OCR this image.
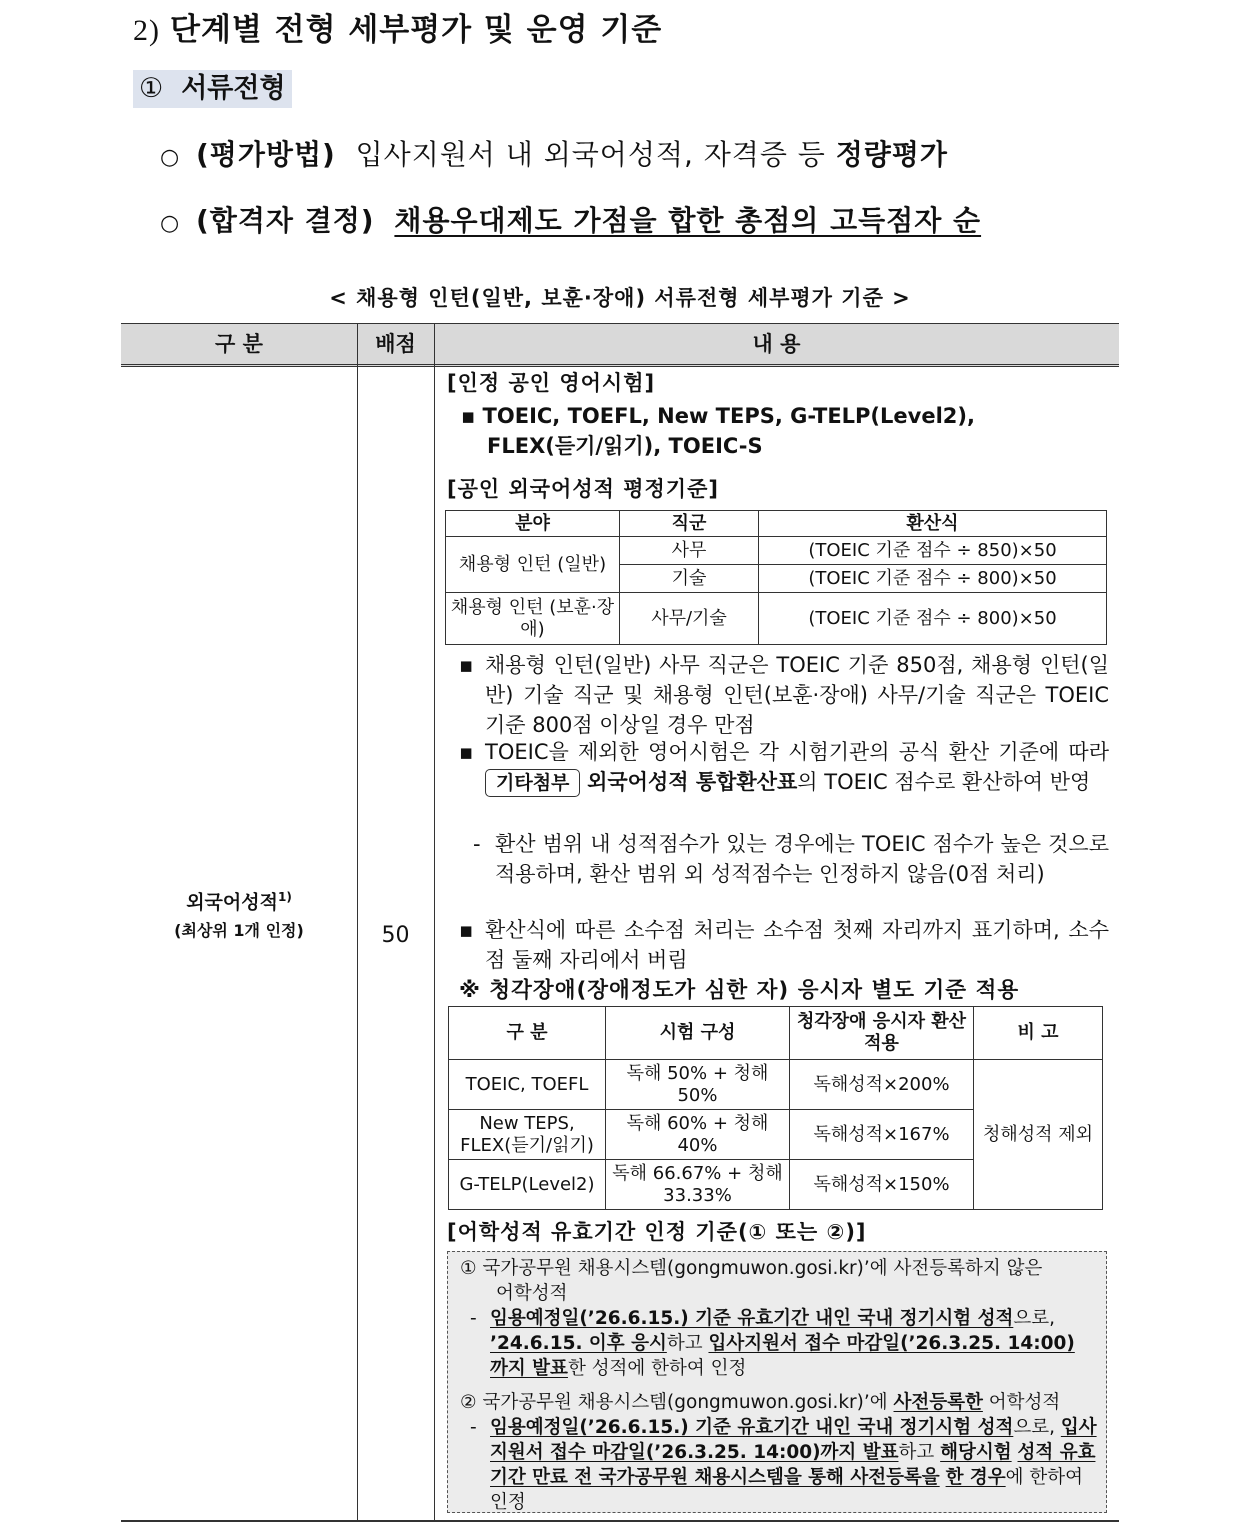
2) 단계별 전형 세부평가 및 운영 기준
① 서류전형
○ (평가방법) 입사지원서 내 외국어성적, 자격증 등 정량평가
○ (합격자 결정) 채용우대제도 가점을 합한 총점의 고득점자 순
< 채용형 인턴(일반, 보훈·장애) 서류전형 세부평가 기준 >
구 분	배점	내 용
외국어성적$^{1)}$
(최상위 1개 인정)	50
[인정 공인 영어시험]
▪ TOEIC, TOEFL, New TEPS, G-TELP(Level2),
FLEX(듣기/읽기), TOEIC-S
[공인 외국어성적 평정기준]
분야	직군	환산식
채용형 인턴 (일반)	사무	(TOEIC 기준 점수 ÷ 850)×50
	기술	(TOEIC 기준 점수 ÷ 800)×50
채용형 인턴 (보훈·장애)	사무/기술	(TOEIC 기준 점수 ÷ 800)×50
▪ 채용형 인턴(일반) 사무 직군은 TOEIC 기준 850점, 채용형 인턴(일반) 기술 직군 및 채용형 인턴(보훈·장애) 사무/기술 직군은 TOEIC 기준 800점 이상일 경우 만점
▪ TOEIC을 제외한 영어시험은 각 시험기관의 공식 환산 기준에 따라 기타첨부 외국어성적 통합환산표의 TOEIC 점수로 환산하여 반영
- 환산 범위 내 성적점수가 있는 경우에는 TOEIC 점수가 높은 것으로 적용하며, 환산 범위 외 성적점수는 인정하지 않음(0점 처리)
▪ 환산식에 따른 소수점 처리는 소수점 첫째 자리까지 표기하며, 소수점 둘째 자리에서 버림
※ 청각장애(장애정도가 심한 자) 응시자 별도 기준 적용
구 분	시험 구성	청각장애 응시자 환산적용	비 고
TOEIC, TOEFL	독해 50% + 청해 50%	독해성적×200%	청해성적 제외
New TEPS, FLEX(듣기/읽기)	독해 60% + 청해 40%	독해성적×167%	
G-TELP(Level2)	독해 66.67% + 청해 33.33%	독해성적×150%	
[어학성적 유효기간 인정 기준(① 또는 ②)]
① 국가공무원 채용시스템(gongmuwon.gosi.kr)’에 사전등록하지 않은
어학성적
- 임용예정일(’26.6.15.) 기준 유효기간 내인 국내 정기시험 성적으로, ’24.6.15. 이후 응시하고 입사지원서 접수 마감일(’26.3.25. 14:00) 까지 발표한 성적에 한하여 인정
② 국가공무원 채용시스템(gongmuwon.gosi.kr)’에 사전등록한 어학성적
- 임용예정일(’26.6.15.) 기준 유효기간 내인 국내 정기시험 성적으로, 입사지원서 접수 마감일(’26.3.25. 14:00)까지 발표하고 해당시험 성적 유효기간 만료 전 국가공무원 채용시스템을 통해 사전등록을 한 경우에 한하여 인정
